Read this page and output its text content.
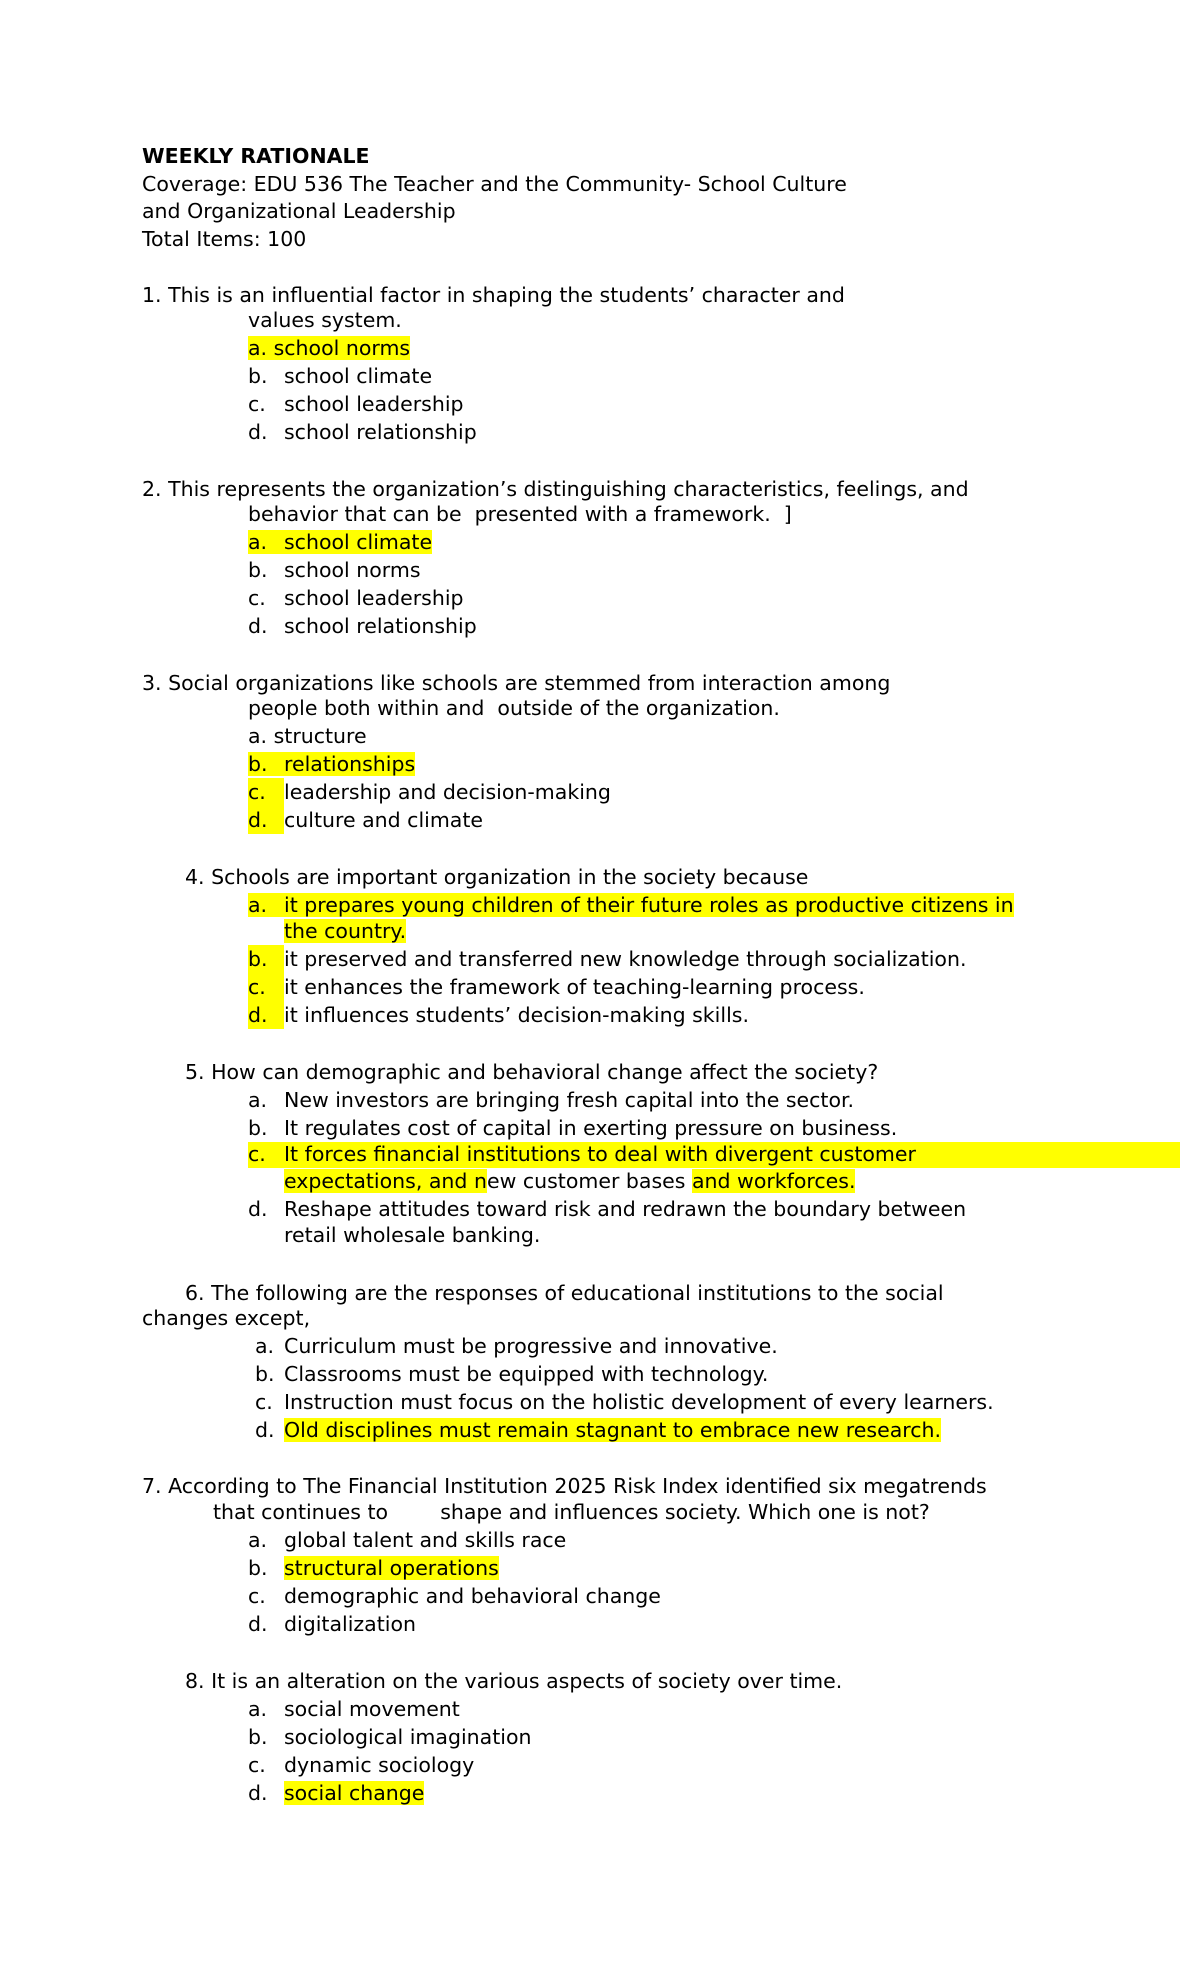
WEEKLY RATIONALE
Coverage: EDU 536 The Teacher and the Community- School Culture
and Organizational Leadership
Total Items: 100
1. This is an influential factor in shaping the students’ character and
values system.
a. school norms
b. school climate
c. school leadership
d. school relationship
2. This represents the organization’s distinguishing characteristics, feelings, and
behavior that can be  presented with a framework.  ]
a. school climate
b. school norms
c. school leadership
d. school relationship
3. Social organizations like schools are stemmed from interaction among
people both within and  outside of the organization.
a. structure
b. relationships
c. leadership and decision-making
d. culture and climate
4. Schools are important organization in the society because
a. it prepares young children of their future roles as productive citizens in
the country.
b. it preserved and transferred new knowledge through socialization.
c. it enhances the framework of teaching-learning process.
d. it influences students’ decision-making skills.
5. How can demographic and behavioral change affect the society?
a. New investors are bringing fresh capital into the sector.
b. It regulates cost of capital in exerting pressure on business.
c. It forces financial institutions to deal with divergent customer
expectations, and new customer bases and workforces.
d. Reshape attitudes toward risk and redrawn the boundary between
retail wholesale banking.
6. The following are the responses of educational institutions to the social
changes except,
a. Curriculum must be progressive and innovative.
b. Classrooms must be equipped with technology.
c. Instruction must focus on the holistic development of every learners.
d. Old disciplines must remain stagnant to embrace new research.
7. According to The Financial Institution 2025 Risk Index identified six megatrends
that continues to        shape and influences society. Which one is not?
a. global talent and skills race
b. structural operations
c. demographic and behavioral change
d. digitalization
8. It is an alteration on the various aspects of society over time.
a. social movement
b. sociological imagination
c. dynamic sociology
d. social change
